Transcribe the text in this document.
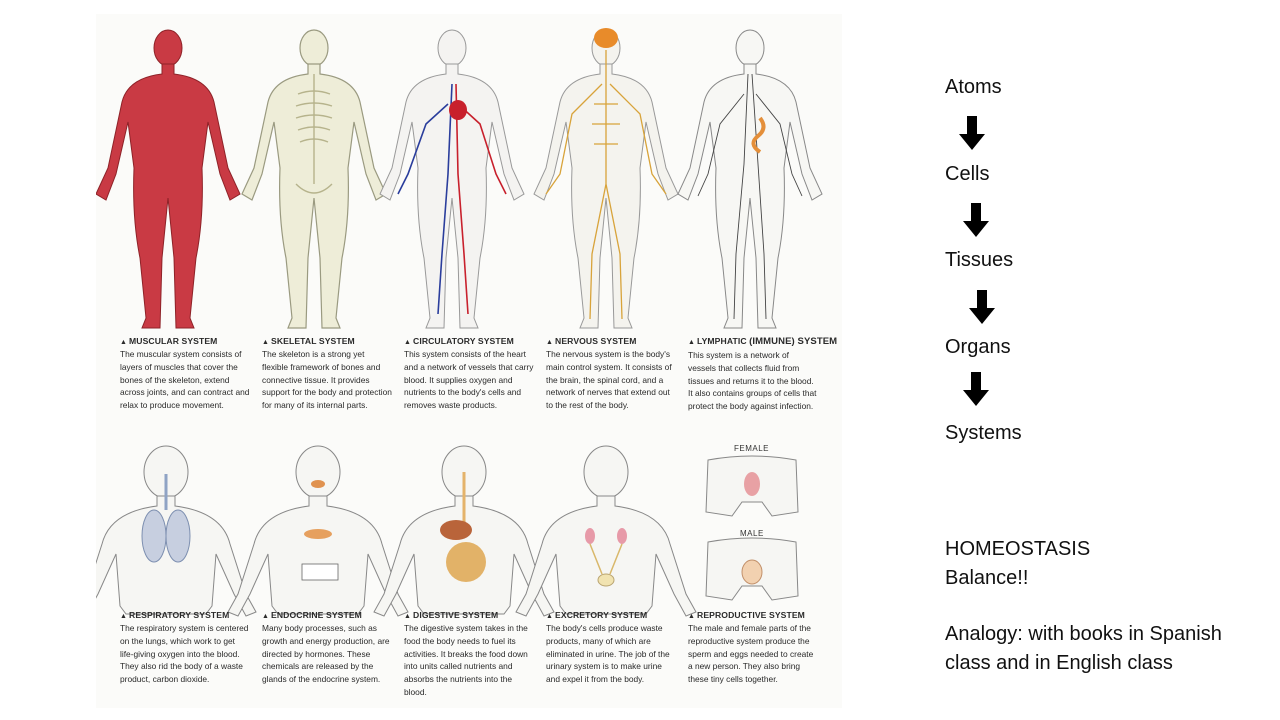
▲ MUSCULAR SYSTEM
The muscular system consists of layers of muscles that cover the bones of the skeleton, extend across joints, and can contract and relax to produce movement.
▲ SKELETAL SYSTEM
The skeleton is a strong yet flexible framework of bones and connective tissue. It provides support for the body and protection for many of its internal parts.
▲ CIRCULATORY SYSTEM
This system consists of the heart and a network of vessels that carry blood. It supplies oxygen and nutrients to the body's cells and removes waste products.
▲ NERVOUS SYSTEM
The nervous system is the body's main control system. It consists of the brain, the spinal cord, and a network of nerves that extend out to the rest of the body.
▲ LYMPHATIC (IMMUNE) SYSTEM
This system is a network of vessels that collects fluid from tissues and returns it to the blood. It also contains groups of cells that protect the body against infection.
▲ RESPIRATORY SYSTEM
The respiratory system is centered on the lungs, which work to get life-giving oxygen into the blood. They also rid the body of a waste product, carbon dioxide.
▲ ENDOCRINE SYSTEM
Many body processes, such as growth and energy production, are directed by hormones. These chemicals are released by the glands of the endocrine system.
▲ DIGESTIVE SYSTEM
The digestive system takes in the food the body needs to fuel its activities. It breaks the food down into units called nutrients and absorbs the nutrients into the blood.
▲ EXCRETORY SYSTEM
The body's cells produce waste products, many of which are eliminated in urine. The job of the urinary system is to make urine and expel it from the body.
▲ REPRODUCTIVE SYSTEM
The male and female parts of the reproductive system produce the sperm and eggs needed to create a new person. They also bring these tiny cells together.
FEMALE
MALE
Atoms
Cells
Tissues
Organs
Systems
HOMEOSTASIS
Balance!!
Analogy: with books in Spanish class and in English class
